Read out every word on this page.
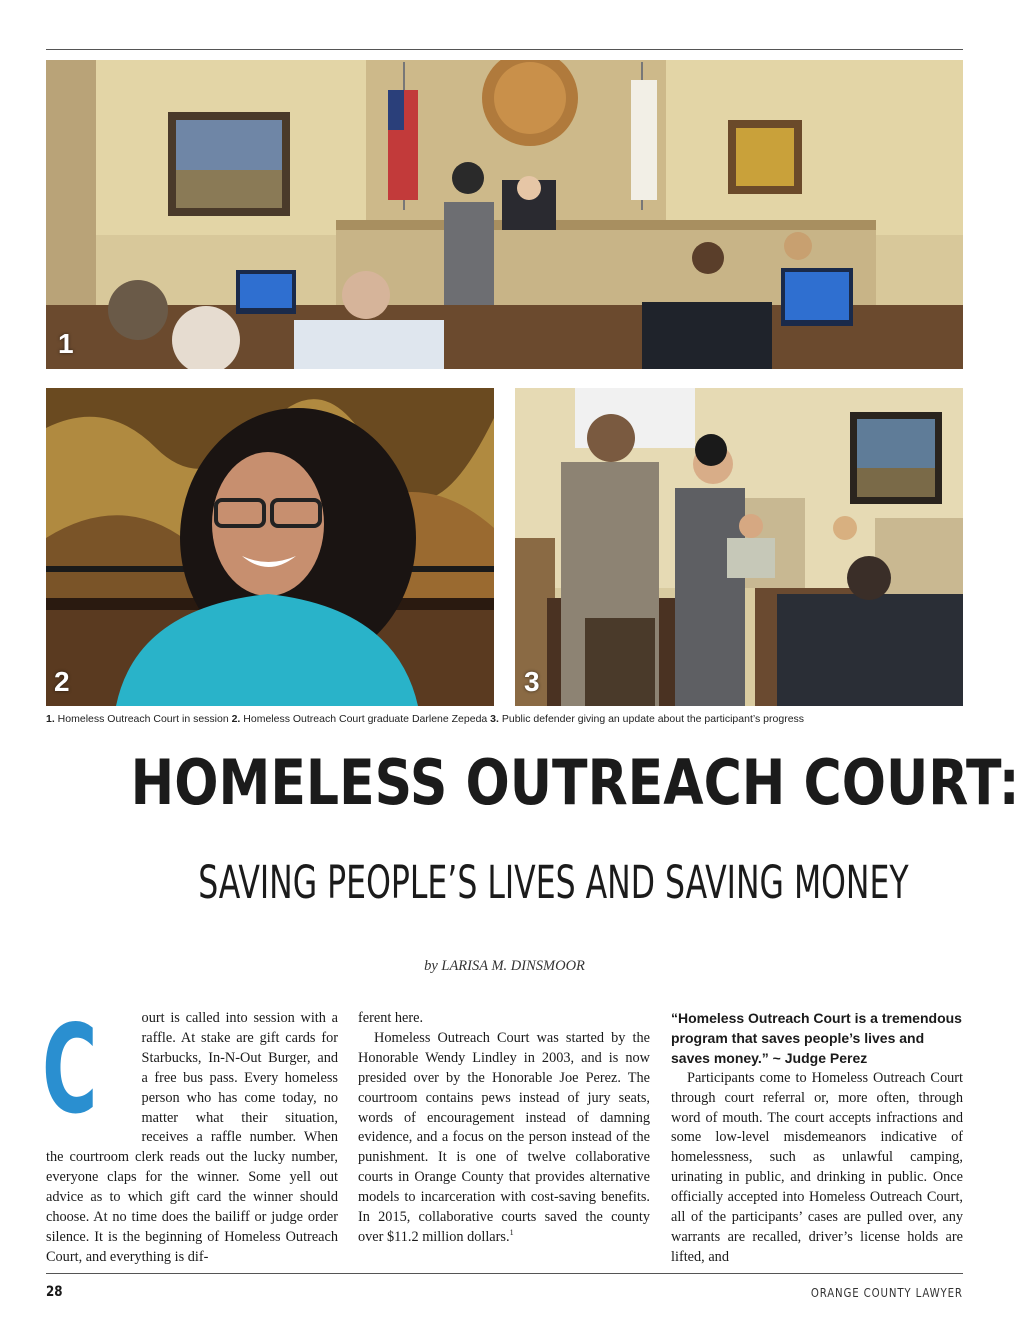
1
2	3
1. Homeless Outreach Court in session 2. Homeless Outreach Court graduate Darlene Zepeda 3. Public defender giving an update about the participant’s progress
HOMELESS OUTREACH COURT:
SAVING PEOPLE’S LIVES AND SAVING MONEY
by LARISA M. DINSMOOR
C	ourt is called into session with a raffle. At stake are gift cards for Starbucks, In-N-Out Burger, and a free bus pass. Every homeless person who has come today, no matter what their situation, receives a raffle number. When the courtroom clerk reads out the lucky number, everyone claps for the winner. Some yell out advice as to which gift card the winner should choose. At no time does the bailiff or judge order silence. It is the beginning of Homeless Outreach Court, and everything is dif-

ferent here.

Homeless Outreach Court was started by the Honorable Wendy Lindley in 2003, and is now presided over by the Honorable Joe Perez. The courtroom contains pews instead of jury seats, words of encouragement instead of damning evidence, and a focus on the person instead of the punishment. It is one of twelve collaborative courts in Orange County that provides alternative models to incarceration with cost-saving benefits. In 2015, collaborative courts saved the county over $11.2 million dollars.$^1$

“Homeless Outreach Court is a tremendous program that saves people’s lives and saves money.” ~ Judge Perez

Participants come to Homeless Outreach Court through court referral or, more often, through word of mouth. The court accepts infractions and some low-level misdemeanors indicative of homelessness, such as unlawful camping, urinating in public, and drinking in public. Once officially accepted into Homeless Outreach Court, all of the participants’ cases are pulled over, any warrants are recalled, driver’s license holds are lifted, and

28	ORANGE COUNTY LAWYER
